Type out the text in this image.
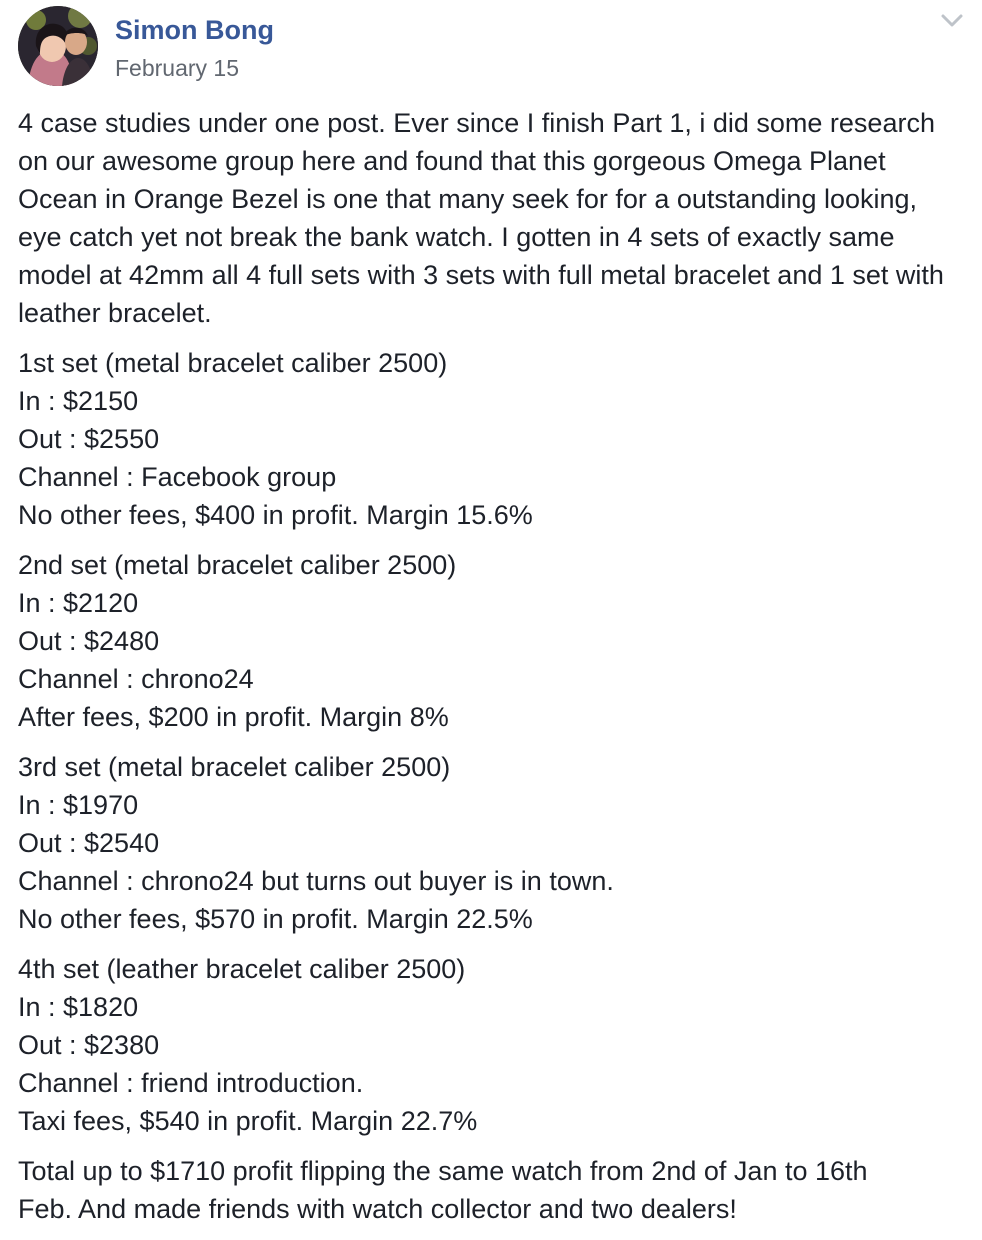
Simon Bong
February 15

4 case studies under one post. Ever since I finish Part 1, i did some research on our awesome group here and found that this gorgeous Omega Planet Ocean in Orange Bezel is one that many seek for for a outstanding looking, eye catch yet not break the bank watch. I gotten in 4 sets of exactly same model at 42mm all 4 full sets with 3 sets with full metal bracelet and 1 set with leather bracelet.

1st set (metal bracelet caliber 2500)
In : $2150
Out : $2550
Channel : Facebook group
No other fees, $400 in profit. Margin 15.6%

2nd set (metal bracelet caliber 2500)
In : $2120
Out : $2480
Channel : chrono24
After fees, $200 in profit. Margin 8%

3rd set (metal bracelet caliber 2500)
In : $1970
Out : $2540
Channel : chrono24 but turns out buyer is in town.
No other fees, $570 in profit. Margin 22.5%

4th set (leather bracelet caliber 2500)
In : $1820
Out : $2380
Channel : friend introduction.
Taxi fees, $540 in profit. Margin 22.7%

Total up to $1710 profit flipping the same watch from 2nd of Jan to 16th
Feb. And made friends with watch collector and two dealers!
